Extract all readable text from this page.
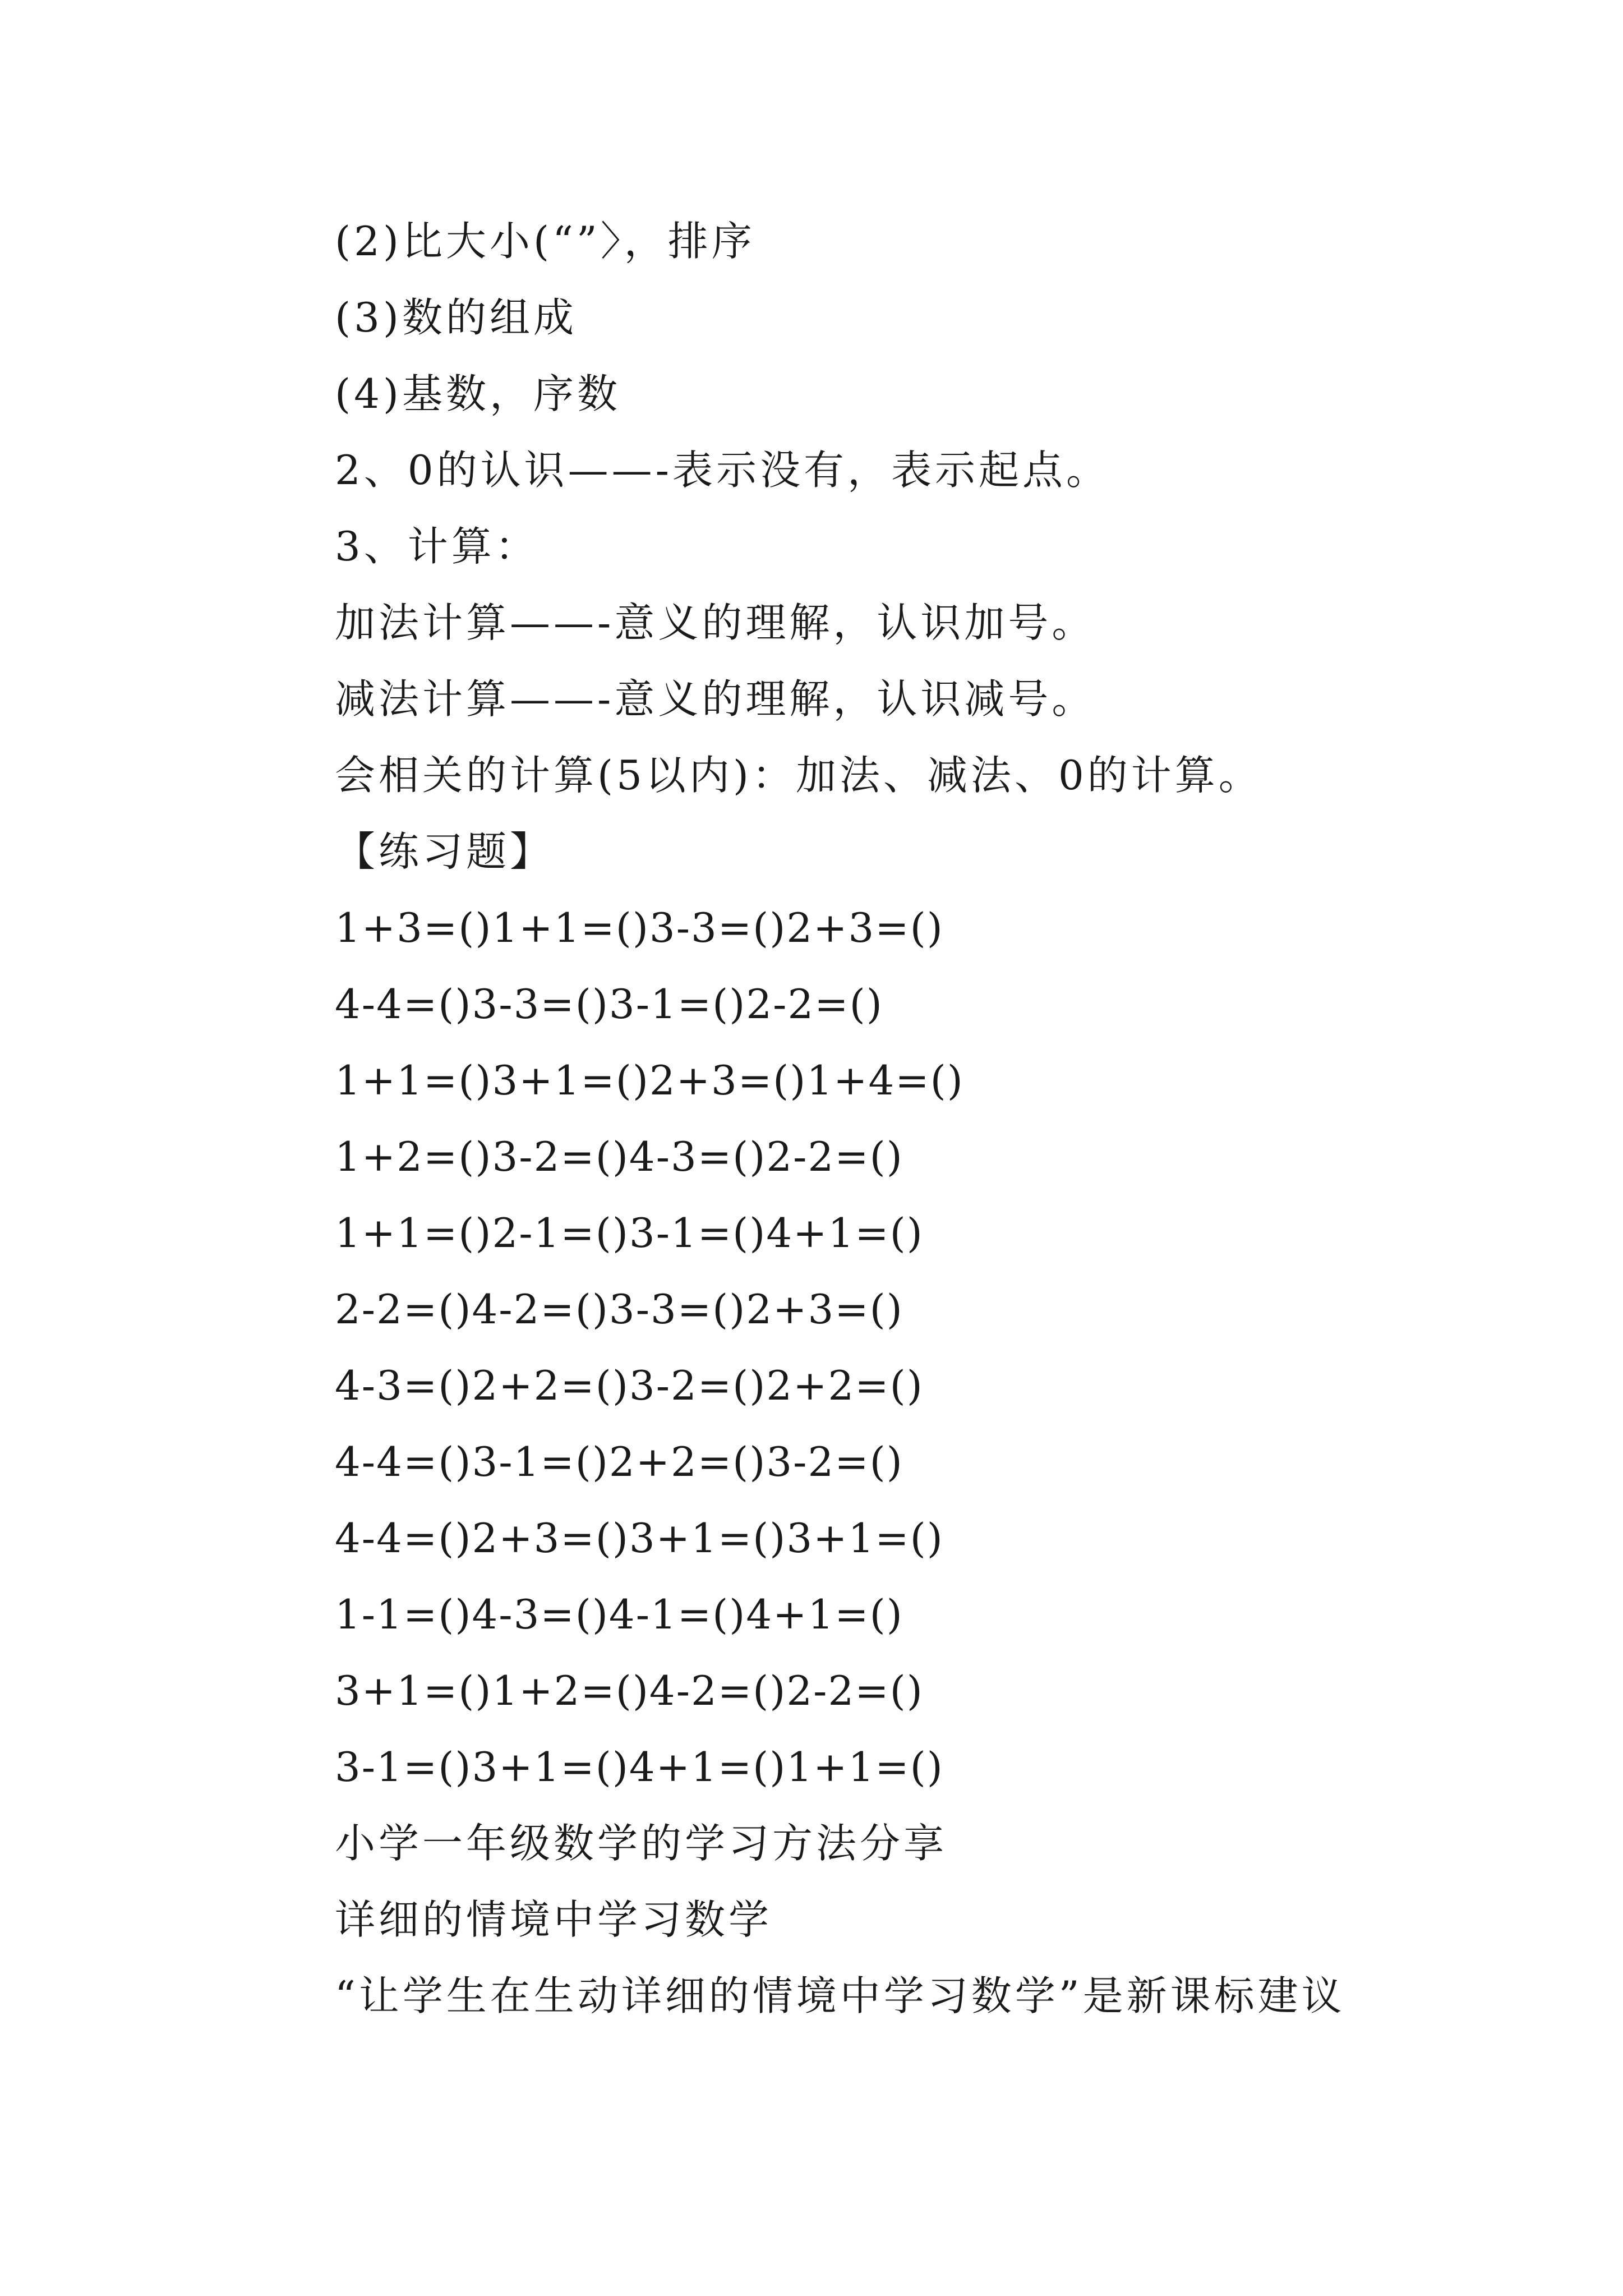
(2)比大小(“”〉，排序
(3)数的组成
(4)基数，序数
2、0的认识——-表示没有，表示起点。
3、计算：
加法计算——-意义的理解，认识加号。
减法计算——-意义的理解，认识减号。
会相关的计算(5以内)：加法、减法、0的计算。
【练习题】
1+3=()1+1=()3-3=()2+3=()
4-4=()3-3=()3-1=()2-2=()
1+1=()3+1=()2+3=()1+4=()
1+2=()3-2=()4-3=()2-2=()
1+1=()2-1=()3-1=()4+1=()
2-2=()4-2=()3-3=()2+3=()
4-3=()2+2=()3-2=()2+2=()
4-4=()3-1=()2+2=()3-2=()
4-4=()2+3=()3+1=()3+1=()
1-1=()4-3=()4-1=()4+1=()
3+1=()1+2=()4-2=()2-2=()
3-1=()3+1=()4+1=()1+1=()
小学一年级数学的学习方法分享
详细的情境中学习数学
“让学生在生动详细的情境中学习数学”是新课标建议
